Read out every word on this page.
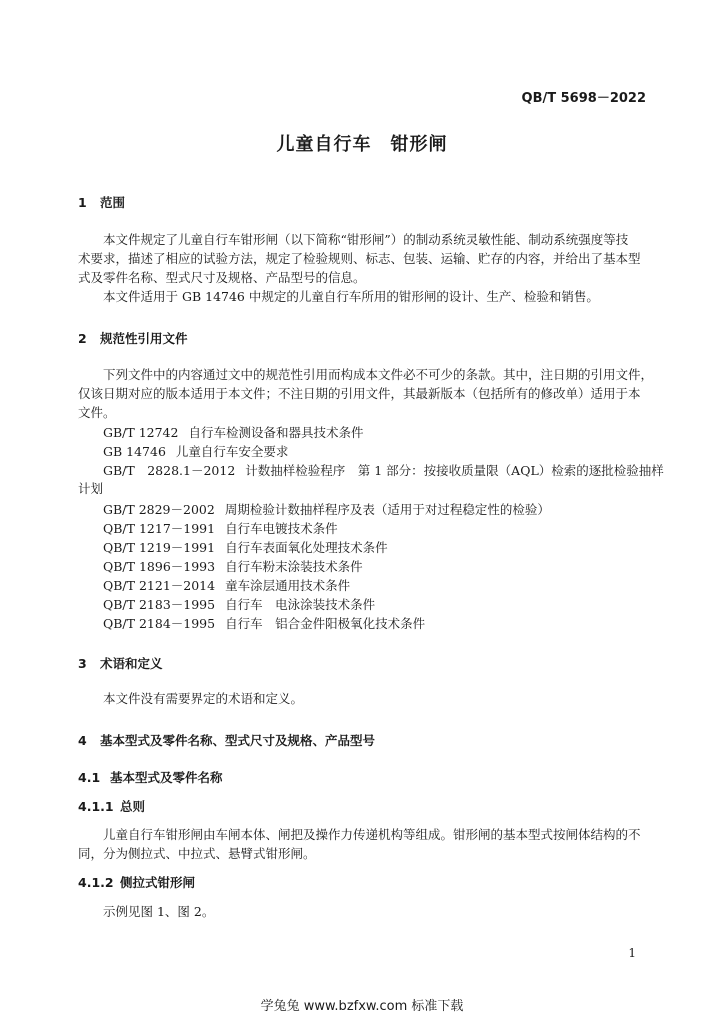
QB/T 5698－2022
儿童自行车　钳形闸
1 范围
本文件规定了儿童自行车钳形闸（以下简称“钳形闸”）的制动系统灵敏性能、制动系统强度等技
术要求，描述了相应的试验方法，规定了检验规则、标志、包装、运输、贮存的内容，并给出了基本型
式及零件名称、型式尺寸及规格、产品型号的信息。
本文件适用于 GB 14746 中规定的儿童自行车所用的钳形闸的设计、生产、检验和销售。
2 规范性引用文件
下列文件中的内容通过文中的规范性引用而构成本文件必不可少的条款。其中，注日期的引用文件，
仅该日期对应的版本适用于本文件；不注日期的引用文件，其最新版本（包括所有的修改单）适用于本
文件。
GB/T 12742 自行车检测设备和器具技术条件
GB 14746 儿童自行车安全要求
GB/T　2828.1－2012 计数抽样检验程序　第 1 部分：按接收质量限（AQL）检索的逐批检验抽样
计划
GB/T 2829－2002 周期检验计数抽样程序及表（适用于对过程稳定性的检验）
QB/T 1217－1991 自行车电镀技术条件
QB/T 1219－1991 自行车表面氧化处理技术条件
QB/T 1896－1993 自行车粉末涂装技术条件
QB/T 2121－2014 童车涂层通用技术条件
QB/T 2183－1995 自行车　电泳涂装技术条件
QB/T 2184－1995 自行车　铝合金件阳极氧化技术条件
3 术语和定义
本文件没有需要界定的术语和定义。
4 基本型式及零件名称、型式尺寸及规格、产品型号
4.1 基本型式及零件名称
4.1.1 总则
儿童自行车钳形闸由车闸本体、闸把及操作力传递机构等组成。钳形闸的基本型式按闸体结构的不
同，分为侧拉式、中拉式、悬臂式钳形闸。
4.1.2 侧拉式钳形闸
示例见图 1、图 2。
1
学兔兔 www.bzfxw.com 标准下载
